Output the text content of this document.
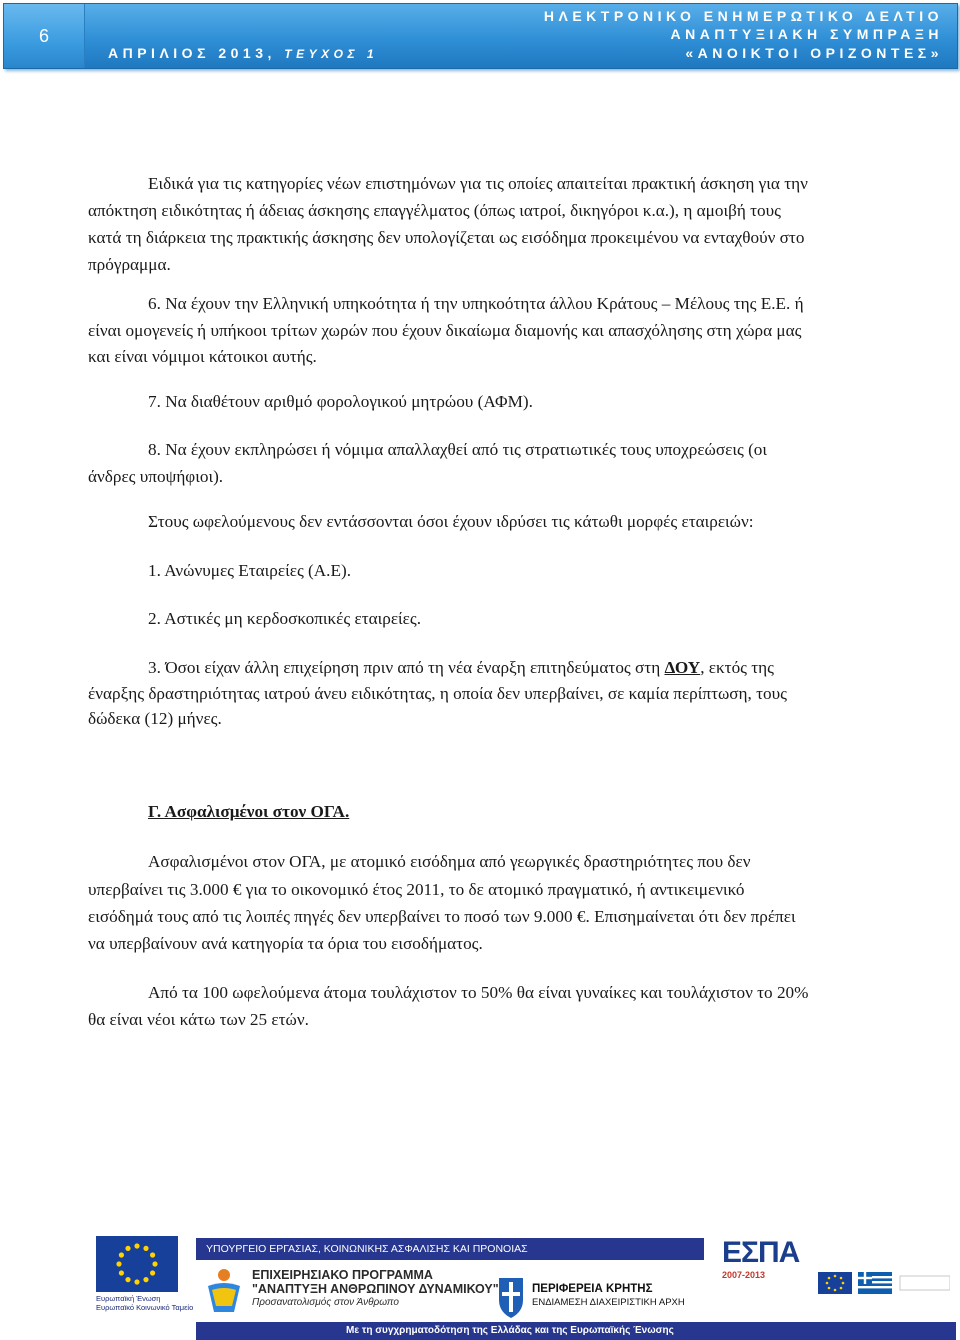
6
ΗΛΕΚΤΡΟΝΙΚΟ ΕΝΗΜΕΡΩΤΙΚΟ ΔΕΛΤΙΟ
ΑΝΑΠΤΥΞΙΑΚΗ ΣΥΜΠΡΑΞΗ
«ΑΝΟΙΚΤΟΙ ΟΡΙΖΟΝΤΕΣ»
ΑΠΡΙΛΙΟΣ 2013, ΤΕΥΧΟΣ 1

Ειδικά για τις κατηγορίες νέων επιστημόνων για τις οποίες απαιτείται πρακτική άσκηση για την

απόκτηση ειδικότητας ή άδειας άσκησης επαγγέλματος (όπως ιατροί, δικηγόροι κ.α.), η αμοιβή τους

κατά τη διάρκεια της πρακτικής άσκησης δεν υπολογίζεται ως εισόδημα προκειμένου να ενταχθούν στο

πρόγραμμα.

6. Να έχουν την Ελληνική υπηκοότητα ή την υπηκοότητα άλλου Κράτους – Μέλους της Ε.Ε. ή

είναι ομογενείς ή υπήκοοι τρίτων χωρών που έχουν δικαίωμα διαμονής και απασχόλησης στη χώρα μας

και είναι νόμιμοι κάτοικοι αυτής.

7. Να διαθέτουν αριθμό φορολογικού μητρώου (ΑΦΜ).

8. Να έχουν εκπληρώσει ή νόμιμα απαλλαχθεί από τις στρατιωτικές τους υποχρεώσεις (οι

άνδρες υποψήφιοι).

Στους ωφελούμενους δεν εντάσσονται όσοι έχουν ιδρύσει τις κάτωθι μορφές εταιρειών:

1. Ανώνυμες Εταιρείες (Α.Ε).

2. Αστικές μη κερδοσκοπικές εταιρείες.

3. Όσοι είχαν άλλη επιχείρηση πριν από τη νέα έναρξη επιτηδεύματος στη ΔΟΥ, εκτός της

έναρξης δραστηριότητας ιατρού άνευ ειδικότητας, η οποία δεν υπερβαίνει, σε καμία περίπτωση, τους

δώδεκα (12) μήνες.

Γ. Ασφαλισμένοι στον ΟΓΑ.

Ασφαλισμένοι στον ΟΓΑ, με ατομικό εισόδημα από γεωργικές δραστηριότητες που δεν

υπερβαίνει τις 3.000 € για το οικονομικό έτος 2011, το δε ατομικό πραγματικό, ή αντικειμενικό

εισόδημά τους από τις λοιπές πηγές δεν υπερβαίνει το ποσό των 9.000 €. Επισημαίνεται ότι δεν πρέπει

να υπερβαίνουν ανά κατηγορία τα όρια του εισοδήματος.

Από τα 100 ωφελούμενα άτομα τουλάχιστον το 50% θα είναι γυναίκες και τουλάχιστον το 20%

θα είναι νέοι κάτω των 25 ετών.

Ευρωπαϊκή Ένωση
Ευρωπαϊκό Κοινωνικό Ταμείο
ΥΠΟΥΡΓΕΙΟ ΕΡΓΑΣΙΑΣ, ΚΟΙΝΩΝΙΚΗΣ ΑΣΦΑΛΙΣΗΣ ΚΑΙ ΠΡΟΝΟΙΑΣ
ΕΠΙΧΕΙΡΗΣΙΑΚΟ ΠΡΟΓΡΑΜΜΑ
"ΑΝΑΠΤΥΞΗ ΑΝΘΡΩΠΙΝΟΥ ΔΥΝΑΜΙΚΟΥ"
Προσανατολισμός στον Άνθρωπο
ΠΕΡΙΦΕΡΕΙΑ ΚΡΗΤΗΣ
ΕΝΔΙΑΜΕΣΗ ΔΙΑΧΕΙΡΙΣΤΙΚΗ ΑΡΧΗ
ΕΣΠΑ
2007-2013
Με τη συγχρηματοδότηση της Ελλάδας και της Ευρωπαϊκής Ένωσης
